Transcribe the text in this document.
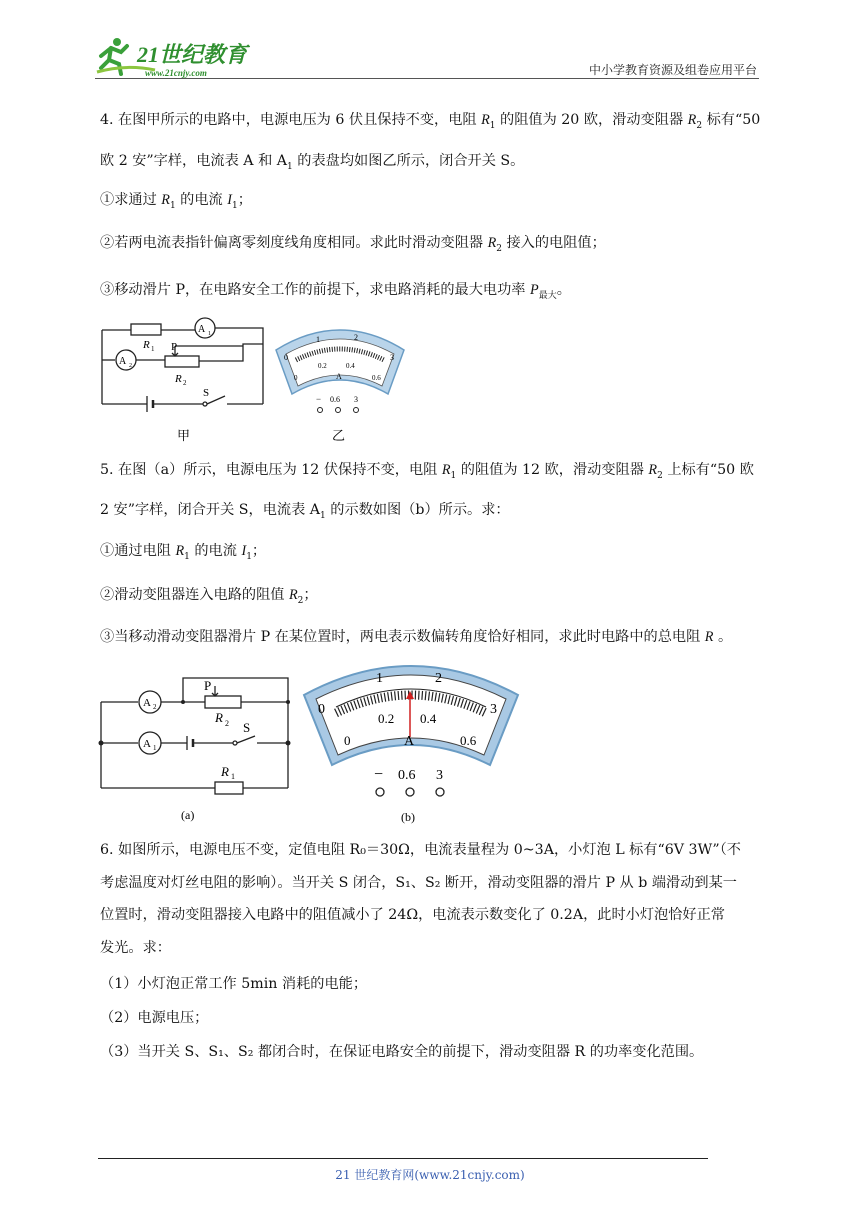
21世纪教育
www.21cnjy.com	中小学教育资源及组卷应用平台
4. 在图甲所示的电路中，电源电压为 6 伏且保持不变，电阻 $R_1$ 的阻值为 20 欧，滑动变阻器 $R_2$ 标有“50
欧 2 安”字样，电流表 A 和 $A_1$ 的表盘均如图乙所示，闭合开关 S。
①求通过 $R_1$ 的电流 $I_1$；
②若两电流表指针偏离零刻度线角度相同。求此时滑动变阻器 $R_2$ 接入的电阻值；
③移动滑片 P，在电路安全工作的前提下，求电路消耗的最大电功率 $P_{最大}$。
A 1
A 2
R 1 P
R 2
S
甲
0
1	2
3
0
0.2	0.4
0.6
A
− 0.6 3
乙
5. 在图（a）所示，电源电压为 12 伏保持不变，电阻 $R_1$ 的阻值为 12 欧，滑动变阻器 $R_2$ 上标有“50 欧
2 安”字样，闭合开关 S，电流表 $A_1$ 的示数如图（b）所示。求：
①通过电阻 $R_1$ 的电流 $I_1$；
②滑动变阻器连入电路的阻值 $R_2$；
③当移动滑动变阻器滑片 P 在某位置时，两电表示数偏转角度恰好相同，求此时电路中的总电阻 R 。
A 2
A 1
P
R 2 S
R 1
(a)
0
1	2
3
0
0.2 0.4
0.6
A
− 0.6 3
(b)
6. 如图所示，电源电压不变，定值电阻 R₀＝30Ω，电流表量程为 0~3A，小灯泡 L 标有“6V 3W”（不
考虑温度对灯丝电阻的影响）。当开关 S 闭合，S₁、S₂ 断开，滑动变阻器的滑片 P 从 b 端滑动到某一
位置时，滑动变阻器接入电路中的阻值减小了 24Ω，电流表示数变化了 0.2A，此时小灯泡恰好正常
发光。求：
（1）小灯泡正常工作 5min 消耗的电能；
（2）电源电压；
（3）当开关 S、S₁、S₂ 都闭合时，在保证电路安全的前提下，滑动变阻器 R 的功率变化范围。
21 世纪教育网(www.21cnjy.com)
